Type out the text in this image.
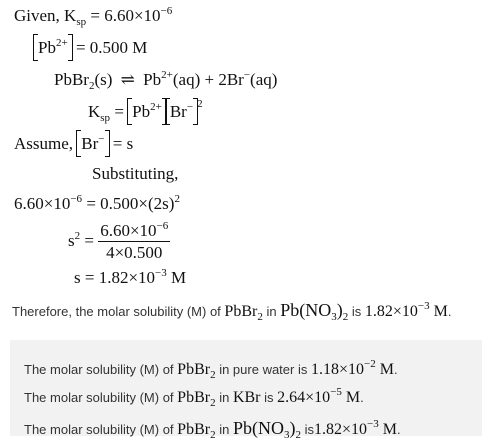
Given, $K_{sp} = 6.60\times 10^{-6}$
$Pb^{2+} = 0.500$ M
PbBr$_2$(s) ⇌ $Pb^{2+}(aq) + 2Br^-(aq)$
$K_{sp} = Pb^{2+}$ Br− $^2$
Assume, Br− = s
Substituting,
$6.60\times 10^{-6} = 0.500\times(2s)^2$
$s^2 = \frac{6.60\times 10^{-6}}{4\times 0.500}$
$s = 1.82\times 10^{-3}$ M
Therefore, the molar solubility (M) of PbBr$_2$ in $Pb(NO_3)_2$ is $1.82\times 10^{-3}$ M.
The molar solubility (M) of PbBr$_2$ in pure water is $1.18\times 10^{-2}$ M.
The molar solubility (M) of PbBr$_2$ in KBr is $2.64\times 10^{-5}$ M.
The molar solubility (M) of PbBr$_2$ in $Pb(NO_3)_2$ $is1.82\times 10^{-3}$ M.
